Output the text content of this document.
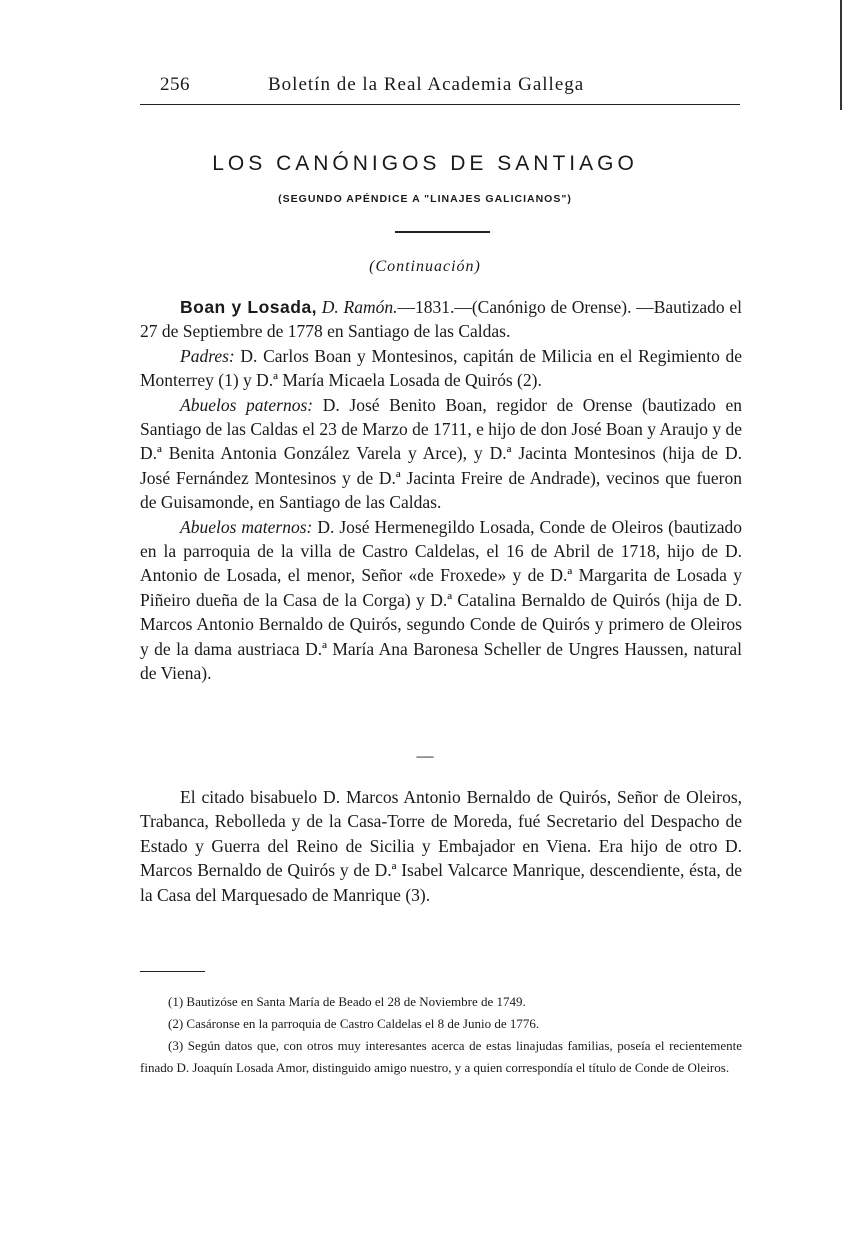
256	Boletín de la Real Academia Gallega
LOS CANÓNIGOS DE SANTIAGO
(SEGUNDO APÉNDICE A "LINAJES GALICIANOS")
(Continuación)

Boan y Losada, D. Ramón.—1831.—(Canónigo de Orense). —Bautizado el 27 de Septiembre de 1778 en Santiago de las Caldas.

Padres: D. Carlos Boan y Montesinos, capitán de Milicia en el Regimiento de Monterrey (1) y D.ª María Micaela Losada de Quirós (2).

Abuelos paternos: D. José Benito Boan, regidor de Orense (bautizado en Santiago de las Caldas el 23 de Marzo de 1711, e hijo de don José Boan y Araujo y de D.ª Benita Antonia González Varela y Arce), y D.ª Jacinta Montesinos (hija de D. José Fernández Montesinos y de D.ª Jacinta Freire de Andrade), vecinos que fueron de Guisamonde, en Santiago de las Caldas.

Abuelos maternos: D. José Hermenegildo Losada, Conde de Oleiros (bautizado en la parroquia de la villa de Castro Caldelas, el 16 de Abril de 1718, hijo de D. Antonio de Losada, el menor, Señor «de Froxede» y de D.ª Margarita de Losada y Piñeiro dueña de la Casa de la Corga) y D.ª Catalina Bernaldo de Quirós (hija de D. Marcos Antonio Bernaldo de Quirós, segundo Conde de Quirós y primero de Oleiros y de la dama austriaca D.ª María Ana Baronesa Scheller de Ungres Haussen, natural de Viena).

—

El citado bisabuelo D. Marcos Antonio Bernaldo de Quirós, Señor de Oleiros, Trabanca, Rebolleda y de la Casa-Torre de Moreda, fué Secretario del Despacho de Estado y Guerra del Reino de Sicilia y Embajador en Viena. Era hijo de otro D. Marcos Bernaldo de Quirós y de D.ª Isabel Valcarce Manrique, descendiente, ésta, de la Casa del Marquesado de Manrique (3).

(1) Bautizóse en Santa María de Beado el 28 de Noviembre de 1749.
(2) Casáronse en la parroquia de Castro Caldelas el 8 de Junio de 1776.
(3) Según datos que, con otros muy interesantes acerca de estas linajudas familias, poseía el recientemente finado D. Joaquín Losada Amor, distinguido amigo nuestro, y a quien correspondía el título de Conde de Oleiros.
